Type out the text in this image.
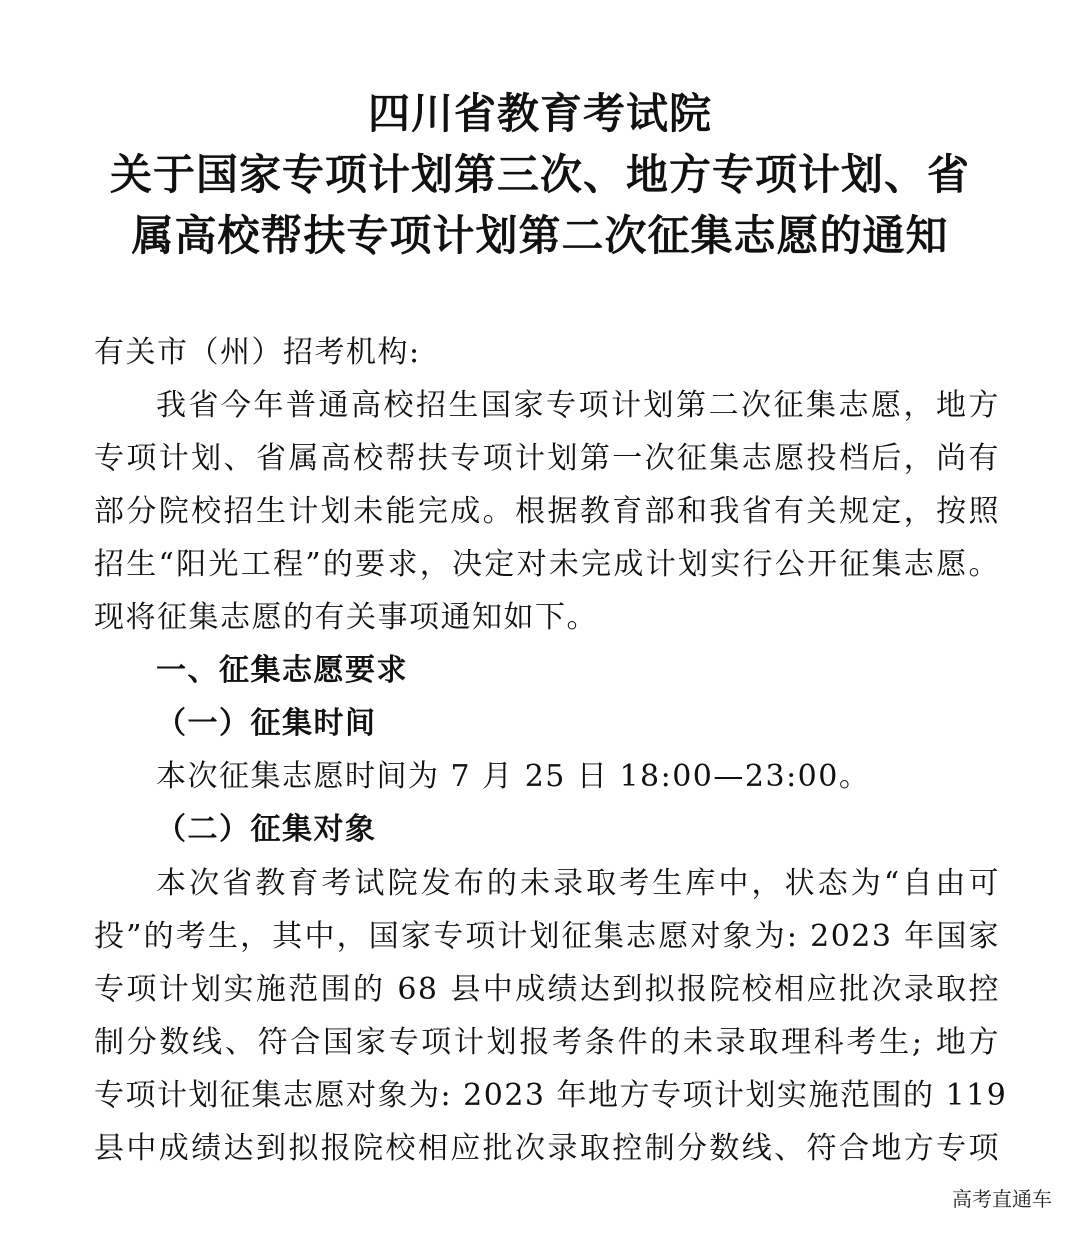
四川省教育考试院
关于国家专项计划第三次、地方专项计划、省
属高校帮扶专项计划第二次征集志愿的通知
有关市（州）招考机构:
我省今年普通高校招生国家专项计划第二次征集志愿，地方
专项计划、省属高校帮扶专项计划第一次征集志愿投档后，尚有
部分院校招生计划未能完成。根据教育部和我省有关规定，按照
招生“阳光工程”的要求，决定对未完成计划实行公开征集志愿。
现将征集志愿的有关事项通知如下。
一、征集志愿要求
（一）征集时间
本次征集志愿时间为 7 月 25 日 18:00—23:00。
（二）征集对象
本次省教育考试院发布的未录取考生库中，状态为“自由可
投”的考生，其中，国家专项计划征集志愿对象为: 2023 年国家
专项计划实施范围的 68 县中成绩达到拟报院校相应批次录取控
制分数线、符合国家专项计划报考条件的未录取理科考生; 地方
专项计划征集志愿对象为: 2023 年地方专项计划实施范围的 119
县中成绩达到拟报院校相应批次录取控制分数线、符合地方专项
高考直通车
